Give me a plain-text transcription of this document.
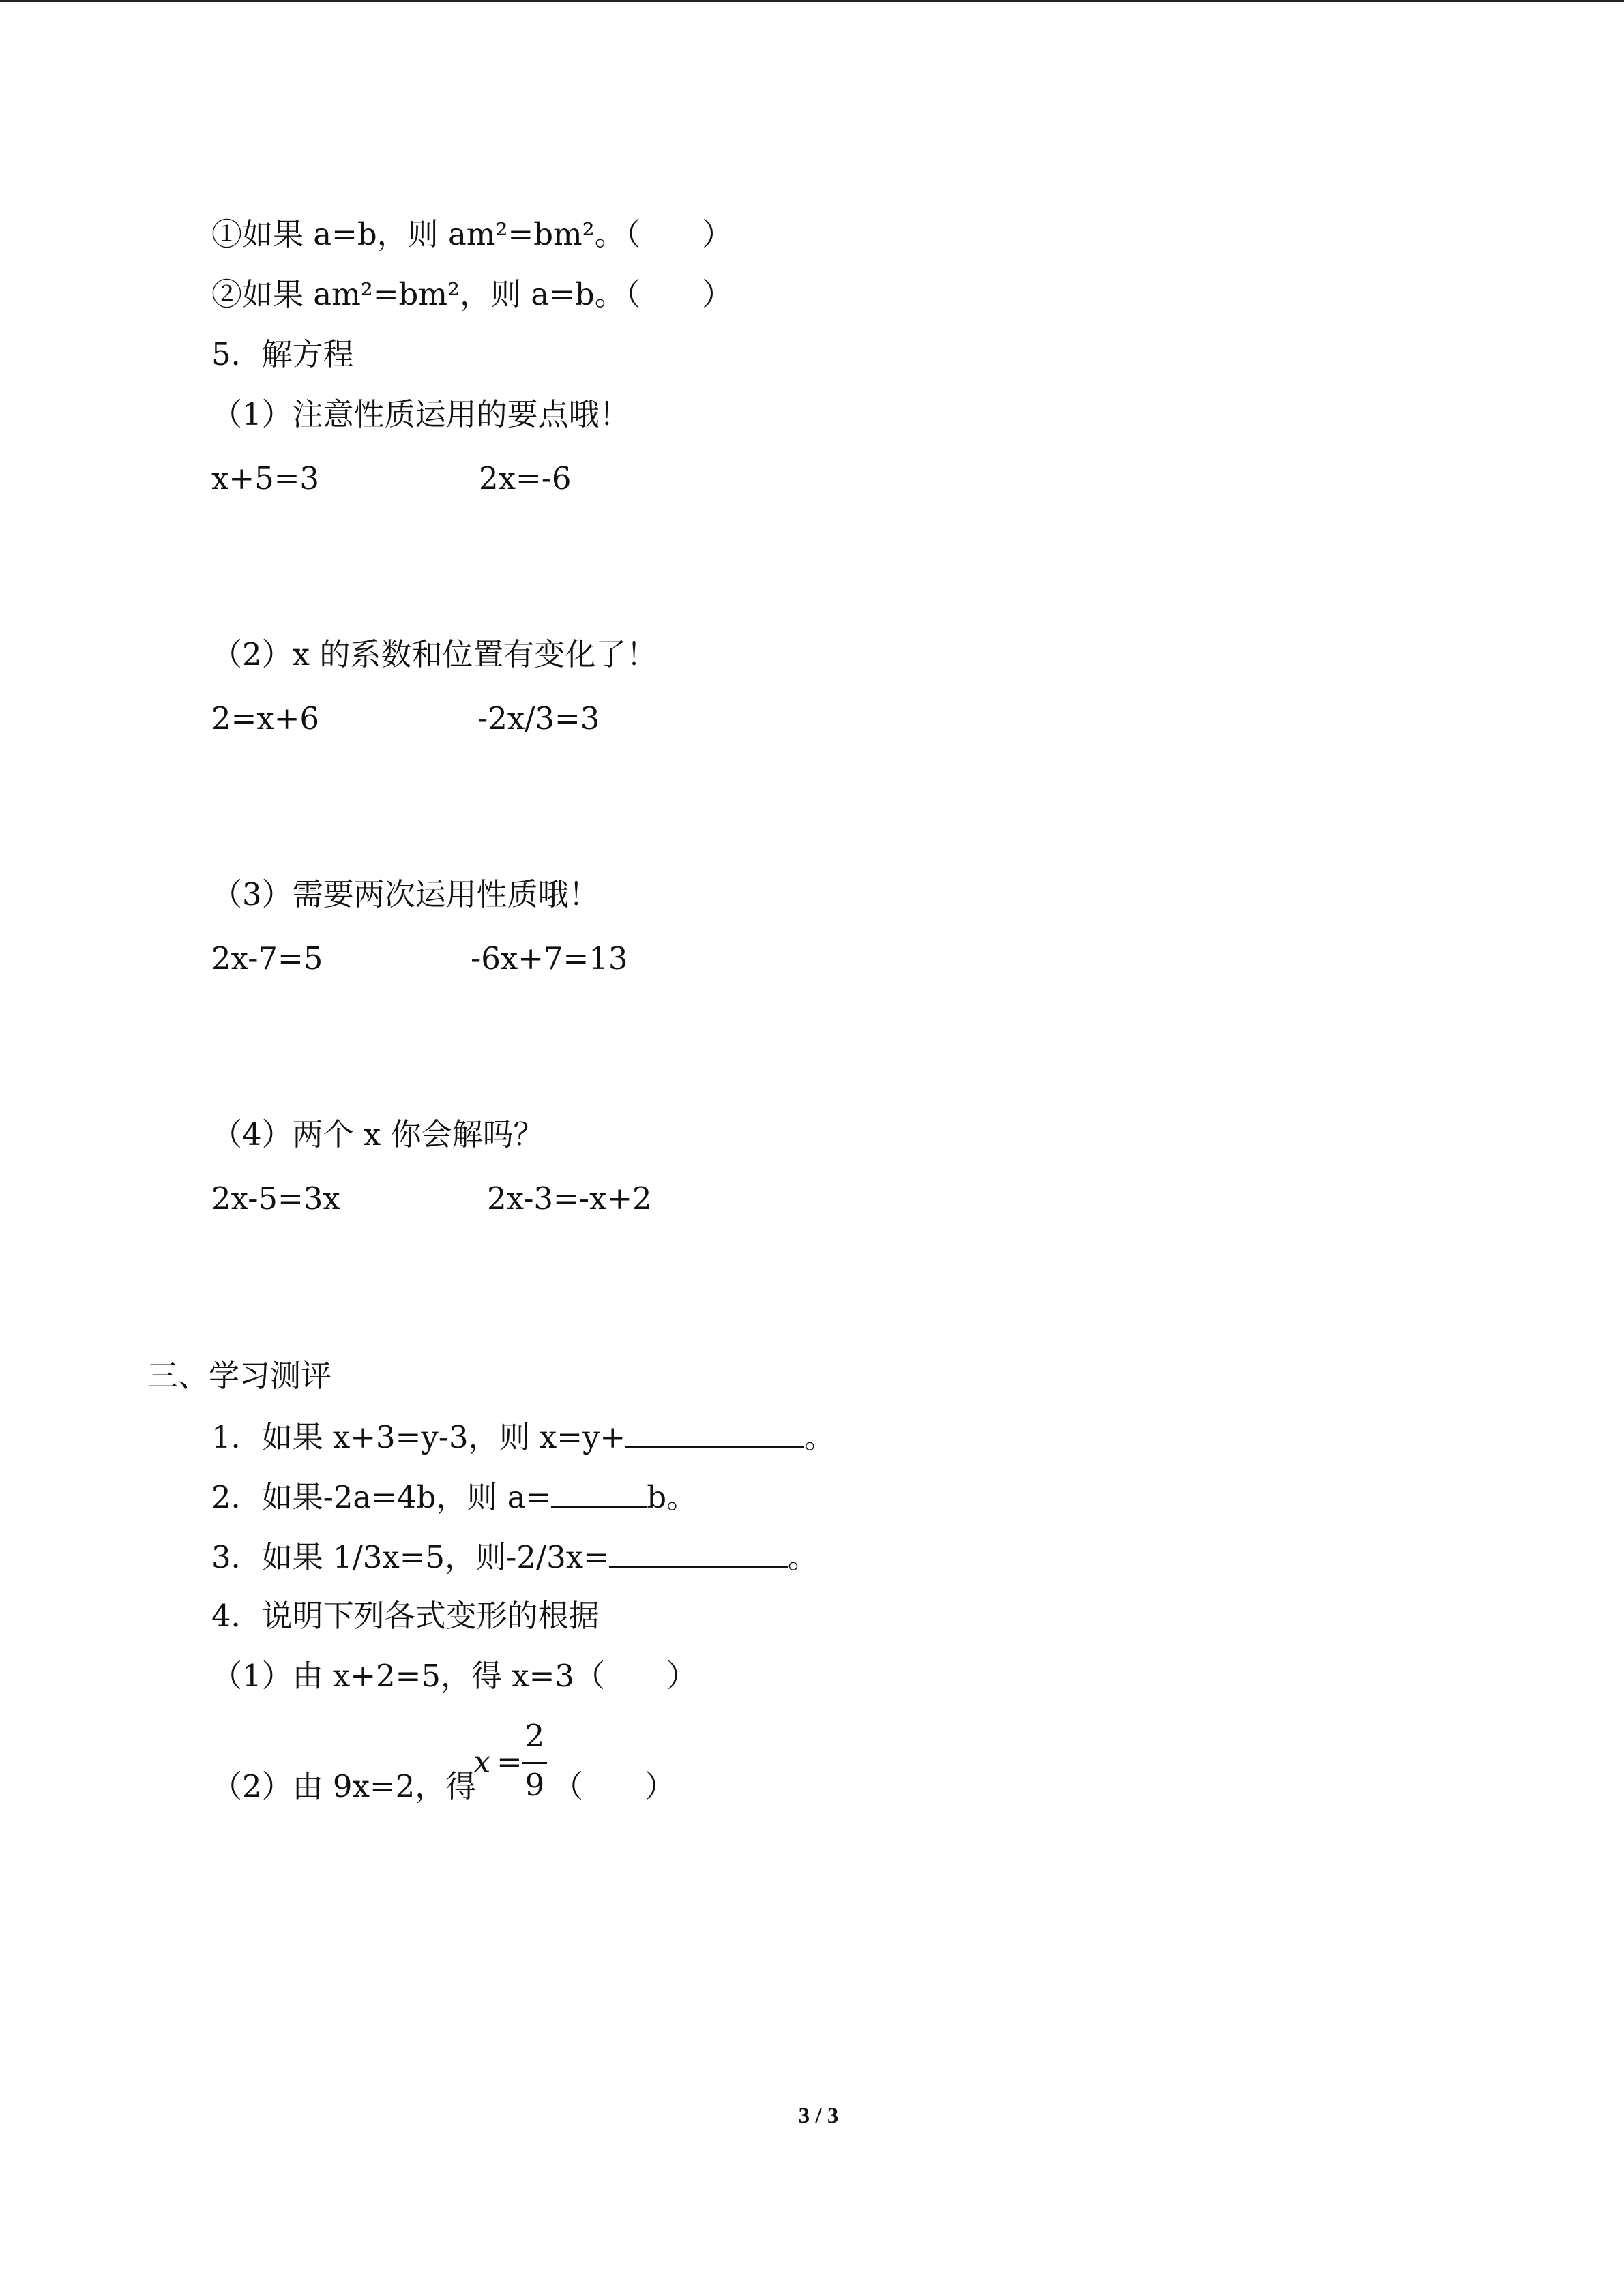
①如果 a=b，则 am²=bm²。（　　）
②如果 am²=bm²，则 a=b。（　　）
5．解方程
（1）注意性质运用的要点哦！
x+5=3	2x=-6
（2）x 的系数和位置有变化了！
2=x+6	-2x/3=3
（3）需要两次运用性质哦！
2x-7=5	-6x+7=13
（4）两个 x 你会解吗？
2x-5=3x	2x-3=-x+2
三、学习测评
1．如果 x+3=y-3，则 x=y+	。
2．如果-2a=4b，则 a=	b。
3．如果 1/3x=5，则-2/3x=	。
4．说明下列各式变形的根据
（1）由 x+2=5，得 x=3（　　）
（2）由 9x=2，得
x =
2
9 （　　）
3 / 3
